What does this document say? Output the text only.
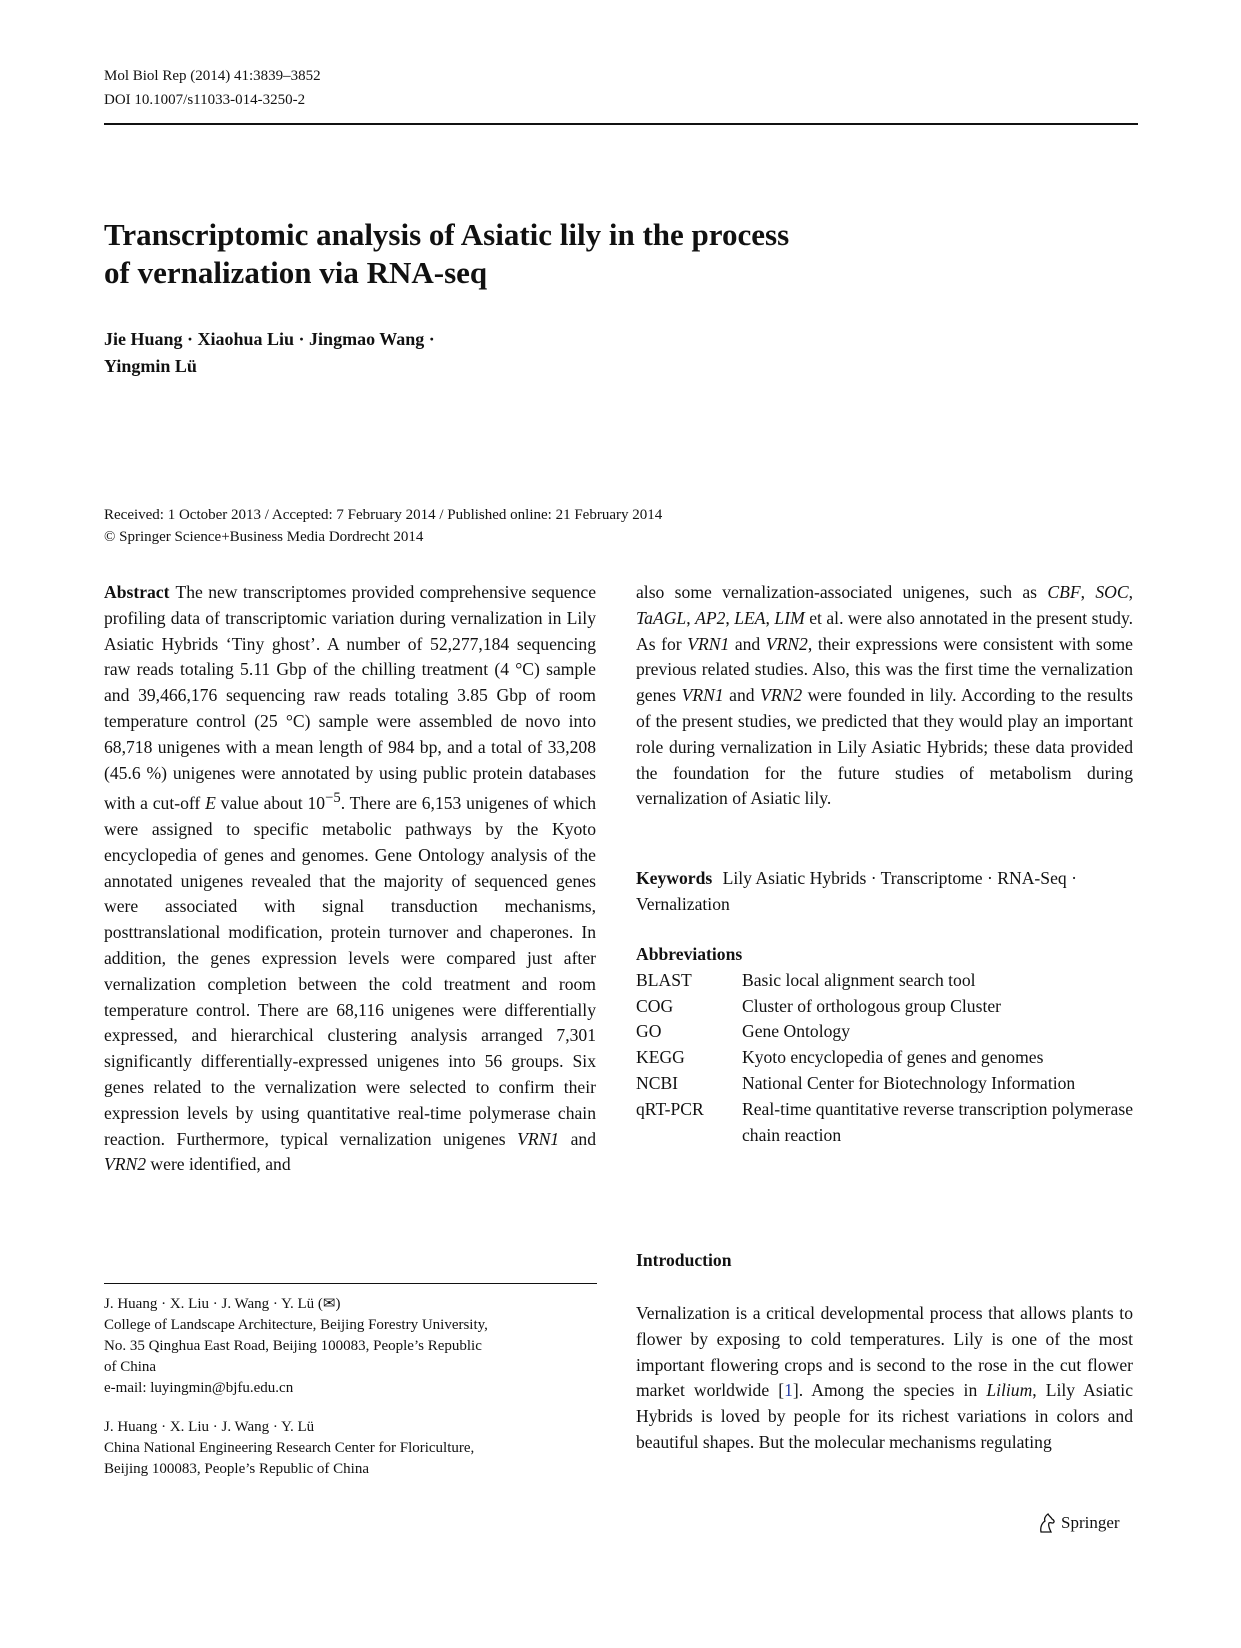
Mol Biol Rep (2014) 41:3839–3852
DOI 10.1007/s11033-014-3250-2
Transcriptomic analysis of Asiatic lily in the process
of vernalization via RNA-seq
Jie Huang · Xiaohua Liu · Jingmao Wang ·
Yingmin Lü
Received: 1 October 2013 / Accepted: 7 February 2014 / Published online: 21 February 2014
© Springer Science+Business Media Dordrecht 2014
Abstract The new transcriptomes provided comprehensive sequence profiling data of transcriptomic variation during vernalization in Lily Asiatic Hybrids ‘Tiny ghost’. A number of 52,277,184 sequencing raw reads totaling 5.11 Gbp of the chilling treatment (4 °C) sample and 39,466,176 sequencing raw reads totaling 3.85 Gbp of room temperature control (25 °C) sample were assembled de novo into 68,718 unigenes with a mean length of 984 bp, and a total of 33,208 (45.6 %) unigenes were annotated by using public protein databases with a cut-off E value about $10^{-5}$. There are 6,153 unigenes of which were assigned to specific metabolic pathways by the Kyoto encyclopedia of genes and genomes. Gene Ontology analysis of the annotated unigenes revealed that the majority of sequenced genes were associated with signal transduction mechanisms, posttranslational modification, protein turnover and chaperones. In addition, the genes expression levels were compared just after vernalization completion between the cold treatment and room temperature control. There are 68,116 unigenes were differentially expressed, and hierarchical clustering analysis arranged 7,301 significantly differentially-expressed unigenes into 56 groups. Six genes related to the vernalization were selected to confirm their expression levels by using quantitative real-time polymerase chain reaction. Furthermore, typical vernalization unigenes VRN1 and VRN2 were identified, and
also some vernalization-associated unigenes, such as CBF, SOC, TaAGL, AP2, LEA, LIM et al. were also annotated in the present study. As for VRN1 and VRN2, their expressions were consistent with some previous related studies. Also, this was the first time the vernalization genes VRN1 and VRN2 were founded in lily. According to the results of the present studies, we predicted that they would play an important role during vernalization in Lily Asiatic Hybrids; these data provided the foundation for the future studies of metabolism during vernalization of Asiatic lily.
Keywords Lily Asiatic Hybrids · Transcriptome · RNA-Seq · Vernalization
Abbreviations
BLAST	Basic local alignment search tool
COG	Cluster of orthologous group Cluster
GO	Gene Ontology
KEGG	Kyoto encyclopedia of genes and genomes
NCBI	National Center for Biotechnology Information
qRT-PCR	Real-time quantitative reverse transcription polymerase chain reaction
Introduction
Vernalization is a critical developmental process that allows plants to flower by exposing to cold temperatures. Lily is one of the most important flowering crops and is second to the rose in the cut flower market worldwide [1]. Among the species in Lilium, Lily Asiatic Hybrids is loved by people for its richest variations in colors and beautiful shapes. But the molecular mechanisms regulating

J. Huang · X. Liu · J. Wang · Y. Lü (✉)
College of Landscape Architecture, Beijing Forestry University,
No. 35 Qinghua East Road, Beijing 100083, People’s Republic
of China
e-mail: luyingmin@bjfu.edu.cn

J. Huang · X. Liu · J. Wang · Y. Lü
China National Engineering Research Center for Floriculture,
Beijing 100083, People’s Republic of China

Springer
